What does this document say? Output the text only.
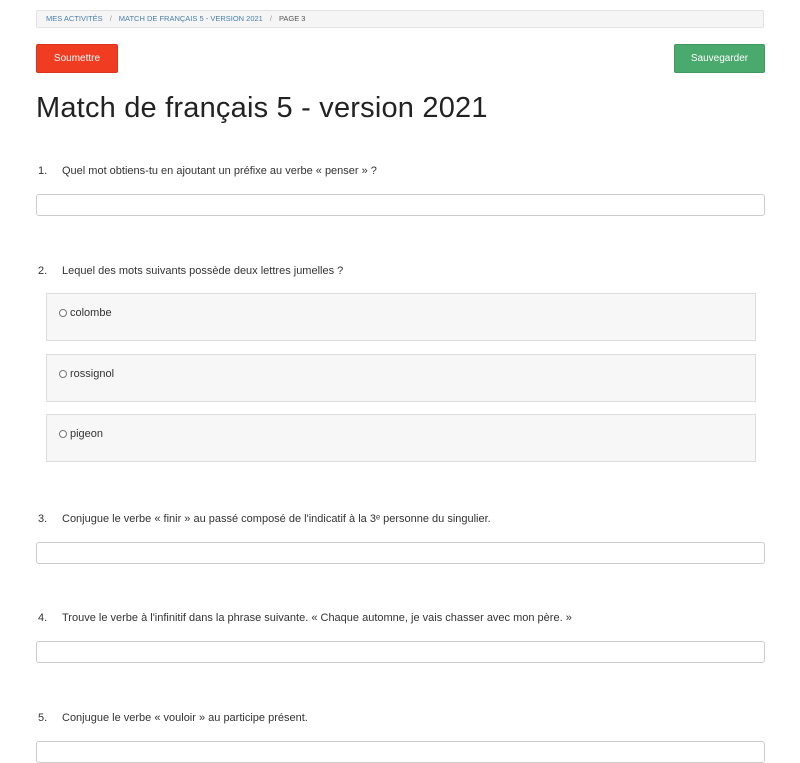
MES ACTIVITÉS / MATCH DE FRANÇAIS 5 - VERSION 2021 / PAGE 3
Soumettre	Sauvegarder
Match de français 5 - version 2021
1. Quel mot obtiens-tu en ajoutant un préfixe au verbe « penser » ?
2. Lequel des mots suivants possède deux lettres jumelles ?
colombe
rossignol
pigeon
3. Conjugue le verbe « finir » au passé composé de l'indicatif à la 3ᵉ personne du singulier.
4. Trouve le verbe à l'infinitif dans la phrase suivante. « Chaque automne, je vais chasser avec mon père. »
5. Conjugue le verbe « vouloir » au participe présent.
